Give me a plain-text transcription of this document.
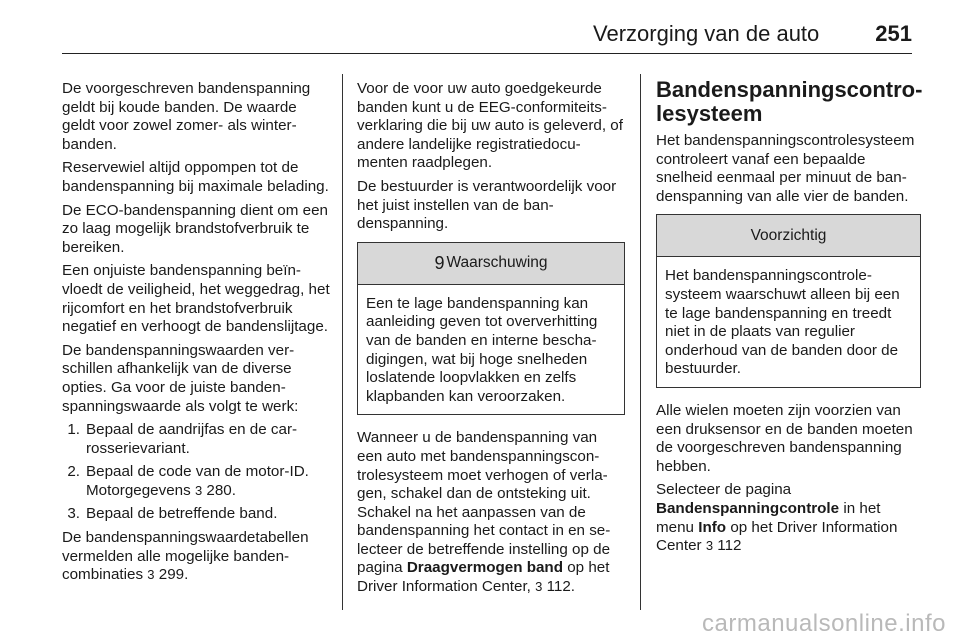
Verzorging van de auto	251

De voorgeschreven bandenspanning geldt bij koude banden. De waarde geldt voor zowel zomer- als winterbanden.

Reservewiel altijd oppompen tot de bandenspanning bij maximale belading.

De ECO-bandenspanning dient om een zo laag mogelijk brandstofverbruik te bereiken.

Een onjuiste bandenspanning beïnvloedt de veiligheid, het weggedrag, het rijcomfort en het brandstofverbruik negatief en verhoogt de bandenslijtage.

De bandenspanningswaarden verschillen afhankelijk van de diverse opties. Ga voor de juiste bandenspanningswaarde als volgt te werk:

1. Bepaal de aandrijfas en de carrosserievariant.
2. Bepaal de code van de motor-ID. Motorgegevens 3 280.
3. Bepaal de betreffende band.

De bandenspanningswaardetabellen vermelden alle mogelijke bandencombinaties 3 299.

Voor de voor uw auto goedgekeurde banden kunt u de EEG-conformiteitsverklaring die bij uw auto is geleverd, of andere landelijke registratiedocumenten raadplegen.

De bestuurder is verantwoordelijk voor het juist instellen van de bandenspanning.

9 Waarschuwing
Een te lage bandenspanning kan aanleiding geven tot oververhitting van de banden en interne beschadigingen, wat bij hoge snelheden loslatende loopvlakken en zelfs klapbanden kan veroorzaken.

Wanneer u de bandenspanning van een auto met bandenspanningscontrolesysteem moet verhogen of verlagen, schakel dan de ontsteking uit. Schakel na het aanpassen van de bandenspanning het contact in en selecteer de betreffende instelling op de pagina Draagvermogen band op het Driver Information Center, 3 112.

Bandenspanningscontrolesysteem

Het bandenspanningscontrolesysteem controleert vanaf een bepaalde snelheid eenmaal per minuut de bandenspanning van alle vier de banden.

Voorzichtig
Het bandenspanningscontrolesysteem waarschuwt alleen bij een te lage bandenspanning en treedt niet in de plaats van regulier onderhoud van de banden door de bestuurder.

Alle wielen moeten zijn voorzien van een druksensor en de banden moeten de voorgeschreven bandenspanning hebben.

Selecteer de pagina Bandenspanningcontrole in het menu Info op het Driver Information Center 3 112

carmanualsonline.info
